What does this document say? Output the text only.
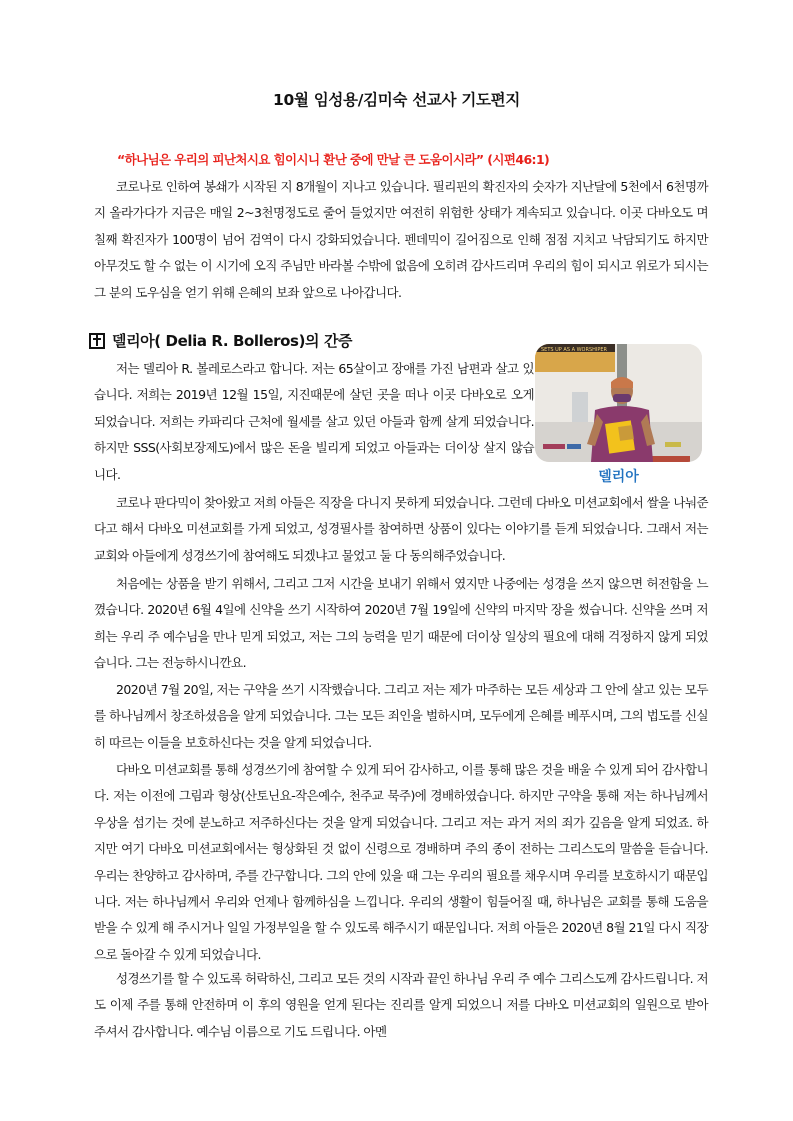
10월 임성용/김미숙 선교사 기도편지
“하나님은 우리의 피난처시요 힘이시니 환난 중에 만날 큰 도움이시라” (시편46:1)
코로나로 인하여 봉쇄가 시작된 지 8개월이 지나고 있습니다. 필리핀의 확진자의 숫자가 지난달에 5천에서 6천명까지 올라가다가 지금은 매일 2~3천명정도로 줄어 들었지만 여전히 위험한 상태가 계속되고 있습니다. 이곳 다바오도 며칠째 확진자가 100명이 넘어 검역이 다시 강화되었습니다. 펜데믹이 길어짐으로 인해 점점 지치고 낙담되기도 하지만 아무것도 할 수 없는 이 시기에 오직 주님만 바라볼 수밖에 없음에 오히려 감사드리며 우리의 힘이 되시고 위로가 되시는 그 분의 도우심을 얻기 위해 은혜의 보좌 앞으로 나아갑니다.
델리아( Delia R. Bolleros)의 간증	SETS UP AS A WORSHIPER
델리아
저는 델리아 R. 볼레로스라고 합니다. 저는 65살이고 장애를 가진 남편과 살고 있습니다. 저희는 2019년 12월 15일, 지진때문에 살던 곳을 떠나 이곳 다바오로 오게 되었습니다. 저희는 카파리다 근처에 월세를 살고 있던 아들과 함께 살게 되었습니다. 하지만 SSS(사회보장제도)에서 많은 돈을 빌리게 되었고 아들과는 더이상 살지 않습니다.
코로나 판다믹이 찾아왔고 저희 아들은 직장을 다니지 못하게 되었습니다. 그런데 다바오 미션교회에서 쌀을 나눠준다고 해서 다바오 미션교회를 가게 되었고, 성경필사를 참여하면 상품이 있다는 이야기를 듣게 되었습니다. 그래서 저는 교회와 아들에게 성경쓰기에 참여해도 되겠냐고 물었고 둘 다 동의해주었습니다.
처음에는 상품을 받기 위해서, 그리고 그저 시간을 보내기 위해서 였지만 나중에는 성경을 쓰지 않으면 허전함을 느꼈습니다. 2020년 6월 4일에 신약을 쓰기 시작하여 2020년 7월 19일에 신약의 마지막 장을 썼습니다. 신약을 쓰며 저희는 우리 주 예수님을 만나 믿게 되었고, 저는 그의 능력을 믿기 때문에 더이상 일상의 필요에 대해 걱정하지 않게 되었습니다. 그는 전능하시니깐요.
2020년 7월 20일, 저는 구약을 쓰기 시작했습니다. 그리고 저는 제가 마주하는 모든 세상과 그 안에 살고 있는 모두를 하나님께서 창조하셨음을 알게 되었습니다. 그는 모든 죄인을 벌하시며, 모두에게 은혜를 베푸시며, 그의 법도를 신실히 따르는 이들을 보호하신다는 것을 알게 되었습니다.
다바오 미션교회를 통해 성경쓰기에 참여할 수 있게 되어 감사하고, 이를 통해 많은 것을 배울 수 있게 되어 감사합니다. 저는 이전에 그림과 형상(산토닌요-작은예수, 천주교 묵주)에 경배하였습니다. 하지만 구약을 통해 저는 하나님께서 우상을 섬기는 것에 분노하고 저주하신다는 것을 알게 되었습니다. 그리고 저는 과거 저의 죄가 깊음을 알게 되었죠. 하지만 여기 다바오 미션교회에서는 형상화된 것 없이 신령으로 경배하며 주의 종이 전하는 그리스도의 말씀을 듣습니다. 우리는 찬양하고 감사하며, 주를 간구합니다. 그의 안에 있을 때 그는 우리의 필요를 채우시며 우리를 보호하시기 때문입니다. 저는 하나님께서 우리와 언제나 함께하심을 느낍니다. 우리의 생활이 힘들어질 때, 하나님은 교회를 통해 도움을 받을 수 있게 해 주시거나 일일 가정부일을 할 수 있도록 해주시기 때문입니다. 저희 아들은 2020년 8월 21일 다시 직장으로 돌아갈 수 있게 되었습니다.
성경쓰기를 할 수 있도록 허락하신, 그리고 모든 것의 시작과 끝인 하나님 우리 주 예수 그리스도께 감사드립니다. 저도 이제 주를 통해 안전하며 이 후의 영원을 얻게 된다는 진리를 알게 되었으니 저를 다바오 미션교회의 일원으로 받아 주셔서 감사합니다. 예수님 이름으로 기도 드립니다. 아멘
